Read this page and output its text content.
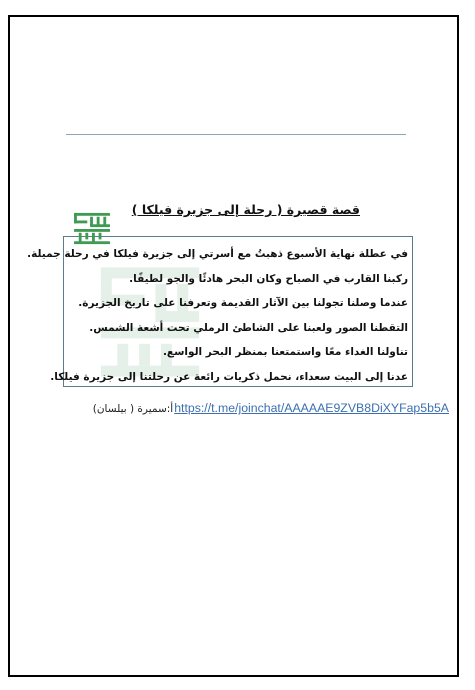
قصة قصيرة ( رحلة إلى جزيرة فيلكا )
في عطلة نهاية الأسبوع ذهبتُ مع أسرتي إلى جزيرة فيلكا في رحلة جميلة.
ركبنا القارب في الصباح وكان البحر هادئًا والجو لطيفًا.
عندما وصلنا تجولنا بين الآثار القديمة وتعرفنا على تاريخ الجزيرة.
التقطنا الصور ولعبنا على الشاطئ الرملي تحت أشعة الشمس.
تناولنا الغداء معًا واستمتعنا بمنظر البحر الواسع.
عدنا إلى البيت سعداء، نحمل ذكريات رائعة عن رحلتنا إلى جزيرة فيلكا.
https://t.me/joinchat/AAAAAE9ZVB8DiXYFap5b5A
أ:سميرة ( بيلسان)
